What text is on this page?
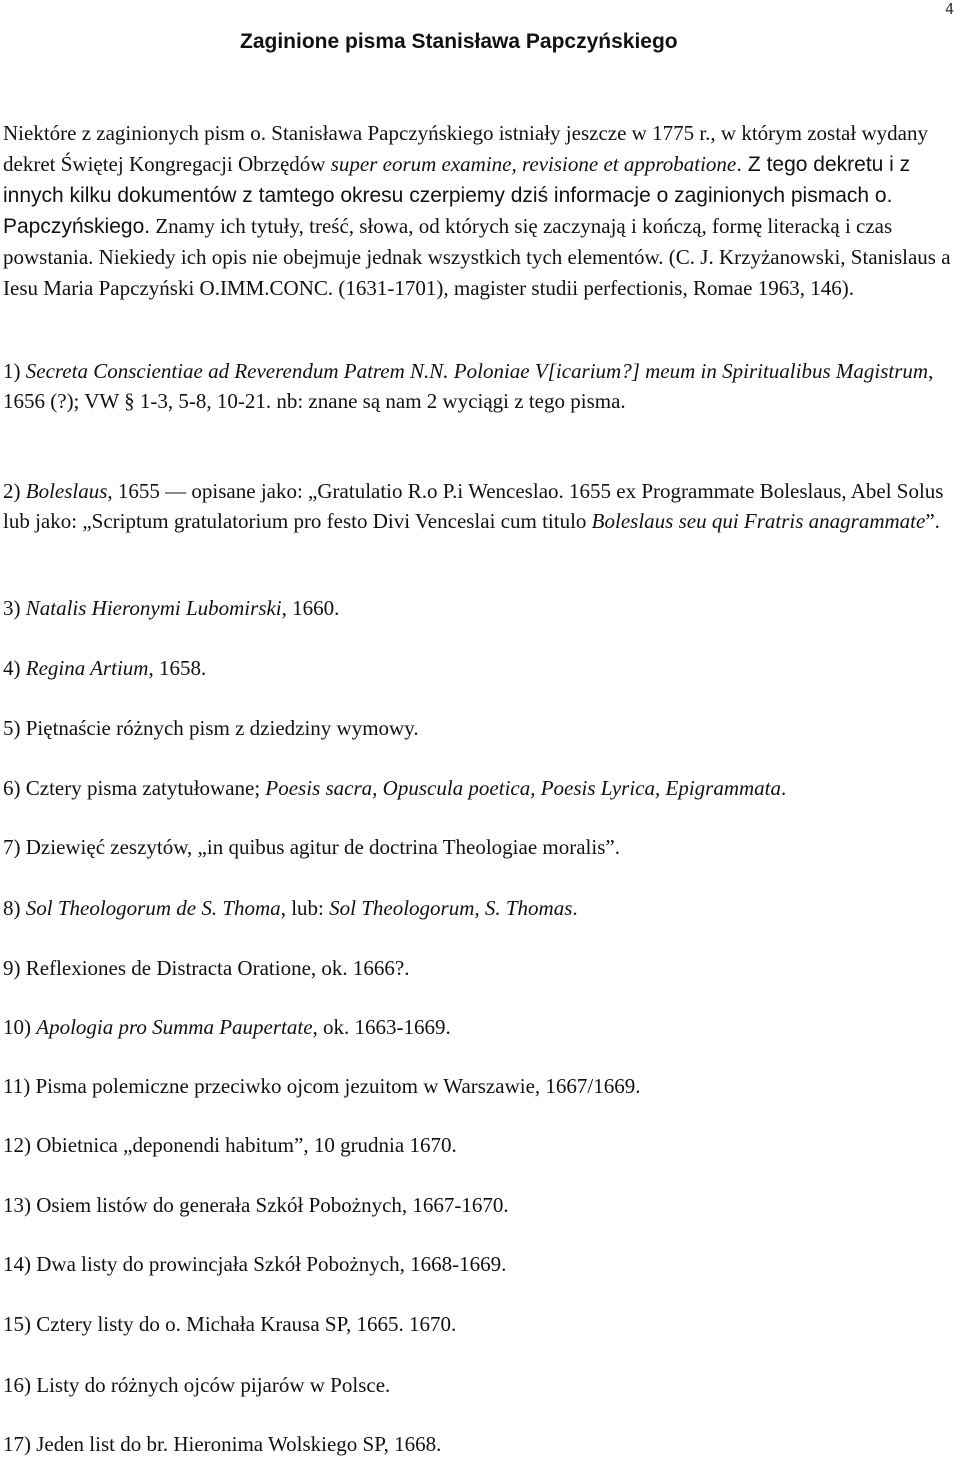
4
Zaginione pisma Stanisława Papczyńskiego

Niektóre z zaginionych pism o. Stanisława Papczyńskiego istniały jeszcze w 1775 r., w którym został wydany dekret Świętej Kongregacji Obrzędów super eorum examine, revisione et approbatione. Z tego dekretu i z innych kilku dokumentów z tamtego okresu czerpiemy dziś informacje o zaginionych pismach o. Papczyńskiego. Znamy ich tytuły, treść, słowa, od których się zaczynają i kończą, formę literacką i czas powstania. Niekiedy ich opis nie obejmuje jednak wszystkich tych elementów. (C. J. Krzyżanowski, Stanislaus a Iesu Maria Papczyński O.IMM.CONC. (1631-1701), magister studii perfectionis, Romae 1963, 146).

1) Secreta Conscientiae ad Reverendum Patrem N.N. Poloniae V[icarium?] meum in Spiritualibus Magistrum, 1656 (?); VW § 1-3, 5-8, 10-21. nb: znane są nam 2 wyciągi z tego pisma.

2) Boleslaus, 1655 — opisane jako: „Gratulatio R.o P.i Wenceslao. 1655 ex Programmate Boleslaus, Abel Solus lub jako: „Scriptum gratulatorium pro festo Divi Venceslai cum titulo Boleslaus seu qui Fratris anagrammate”.

3) Natalis Hieronymi Lubomirski, 1660.

4) Regina Artium, 1658.

5) Piętnaście różnych pism z dziedziny wymowy.

6) Cztery pisma zatytułowane; Poesis sacra, Opuscula poetica, Poesis Lyrica, Epigrammata.

7) Dziewięć zeszytów, „in quibus agitur de doctrina Theologiae moralis”.

8) Sol Theologorum de S. Thoma, lub: Sol Theologorum, S. Thomas.

9) Reflexiones de Distracta Oratione, ok. 1666?.

10) Apologia pro Summa Paupertate, ok. 1663-1669.

11) Pisma polemiczne przeciwko ojcom jezuitom w Warszawie, 1667/1669.

12) Obietnica „deponendi habitum”, 10 grudnia 1670.

13) Osiem listów do generała Szkół Pobożnych, 1667-1670.

14) Dwa listy do prowincjała Szkół Pobożnych, 1668-1669.

15) Cztery listy do o. Michała Krausa SP, 1665. 1670.

16) Listy do różnych ojców pijarów w Polsce.

17) Jeden list do br. Hieronima Wolskiego SP, 1668.
